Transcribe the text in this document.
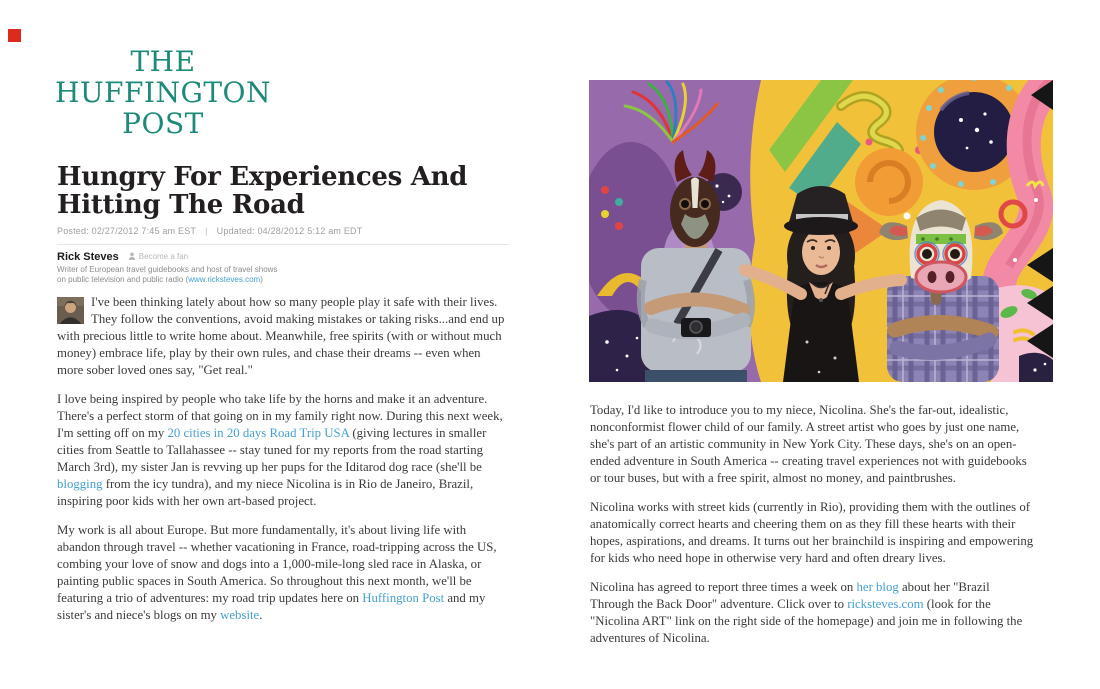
THE
HUFFINGTON
POST
Hungry For Experiences And
Hitting The Road
Posted: 02/27/2012 7:45 am EST | Updated: 04/28/2012 5:12 am EDT
Rick Steves	Become a fan
Writer of European travel guidebooks and host of travel shows
on public television and public radio (www.ricksteves.com)

I've been thinking lately about how so many people play it safe with their lives. They follow the conventions, avoid making mistakes or taking risks...and end up with precious little to write home about. Meanwhile, free spirits (with or without much money) embrace life, play by their own rules, and chase their dreams -- even when more sober loved ones say, "Get real."

I love being inspired by people who take life by the horns and make it an adventure. There's a perfect storm of that going on in my family right now. During this next week, I'm setting off on my 20 cities in 20 days Road Trip USA (giving lectures in smaller cities from Seattle to Tallahassee -- stay tuned for my reports from the road starting March 3rd), my sister Jan is revving up her pups for the Iditarod dog race (she'll be blogging from the icy tundra), and my niece Nicolina is in Rio de Janeiro, Brazil, inspiring poor kids with her own art-based project.

My work is all about Europe. But more fundamentally, it's about living life with abandon through travel -- whether vacationing in France, road-tripping across the US, combing your love of snow and dogs into a 1,000-mile-long sled race in Alaska, or painting public spaces in South America. So throughout this next month, we'll be featuring a trio of adventures: my road trip updates here on Huffington Post and my sister's and niece's blogs on my website.

Today, I'd like to introduce you to my niece, Nicolina. She's the far-out, idealistic, nonconformist flower child of our family. A street artist who goes by just one name, she's part of an artistic community in New York City. These days, she's on an open-ended adventure in South America -- creating travel experiences not with guidebooks or tour buses, but with a free spirit, almost no money, and paintbrushes.

Nicolina works with street kids (currently in Rio), providing them with the outlines of anatomically correct hearts and cheering them on as they fill these hearts with their hopes, aspirations, and dreams. It turns out her brainchild is inspiring and empowering for kids who need hope in otherwise very hard and often dreary lives.

Nicolina has agreed to report three times a week on her blog about her "Brazil Through the Back Door" adventure. Click over to ricksteves.com (look for the "Nicolina ART" link on the right side of the homepage) and join me in following the adventures of Nicolina.
